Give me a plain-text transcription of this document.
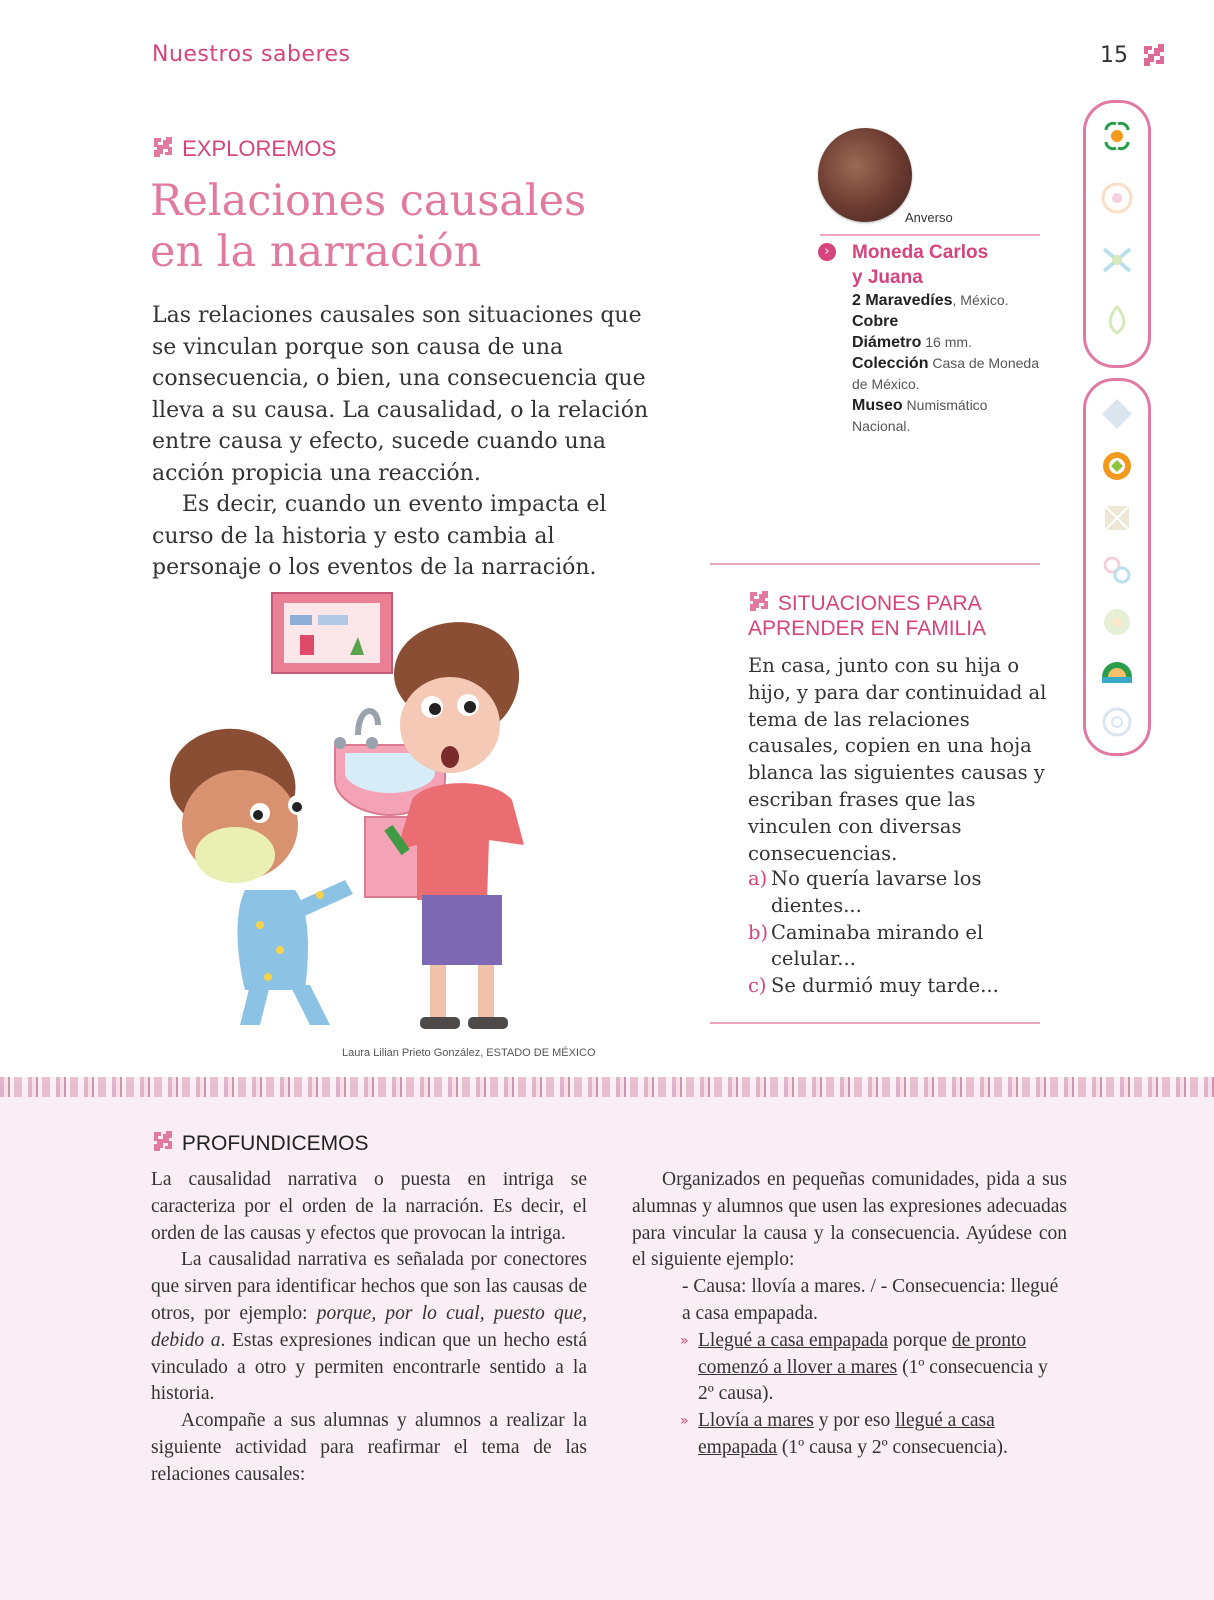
Nuestros saberes	15
EXPLOREMOS
Relaciones causales
en la narración

Las relaciones causales son situaciones que se vinculan porque son causa de una consecuencia, o bien, una consecuencia que lleva a su causa. La causalidad, o la relación entre causa y efecto, sucede cuando una acción propicia una reacción.

Es decir, cuando un evento impacta el curso de la historia y esto cambia al personaje o los eventos de la narración.

Anverso
›	Moneda Carlos
y Juana
2 Maravedíes, México.
Cobre
Diámetro 16 mm.
Colección Casa de Moneda de México.
Museo Numismático Nacional.
Laura Lilian Prieto González, ESTADO DE MÉXICO
SITUACIONES PARA
APRENDER EN FAMILIA
En casa, junto con su hija o hijo, y para dar continuidad al tema de las relaciones causales, copien en una hoja blanca las siguientes causas y escriban frases que las vinculen con diversas consecuencias.
a) No quería lavarse los dientes...
b) Caminaba mirando el celular...
c) Se durmió muy tarde...
PROFUNDICEMOS

La causalidad narrativa o puesta en intriga se caracteriza por el orden de la narración. Es decir, el orden de las causas y efectos que provocan la intriga.

La causalidad narrativa es señalada por conectores que sirven para identificar hechos que son las causas de otros, por ejemplo: porque, por lo cual, puesto que, debido a. Estas expresiones indican que un hecho está vinculado a otro y permiten encontrarle sentido a la historia.

Acompañe a sus alumnas y alumnos a realizar la siguiente actividad para reafirmar el tema de las relaciones causales:

Organizados en pequeñas comunidades, pida a sus alumnas y alumnos que usen las expresiones adecuadas para vincular la causa y la consecuencia. Ayúdese con el siguiente ejemplo:

- Causa: llovía a mares. / - Consecuencia: llegué a casa empapada.

» Llegué a casa empapada porque de pronto comenzó a llover a mares (1º consecuencia y 2º causa).
» Llovía a mares y por eso llegué a casa empapada (1º causa y 2º consecuencia).
